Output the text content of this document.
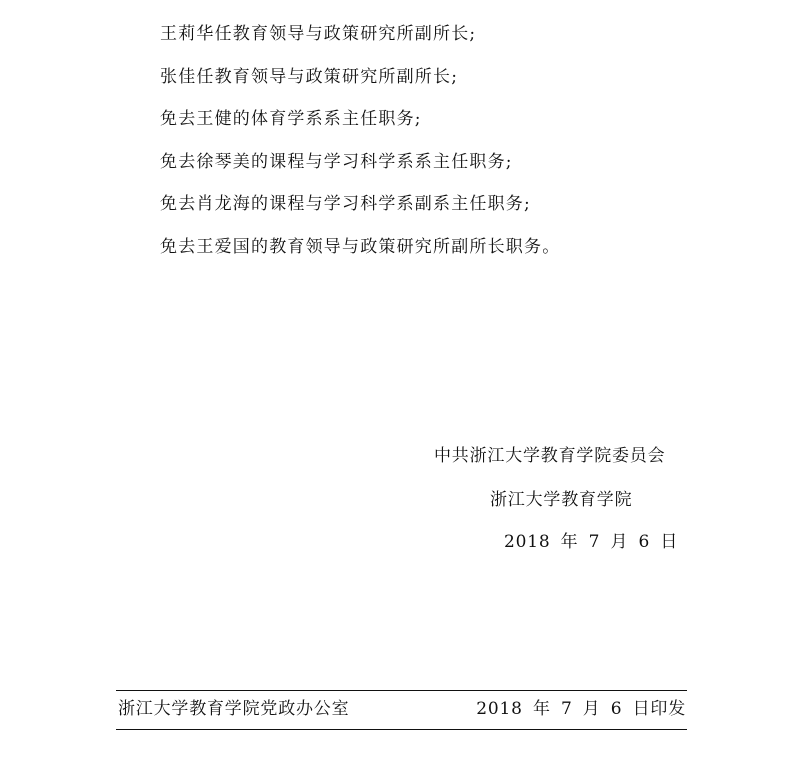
王莉华任教育领导与政策研究所副所长;
张佳任教育领导与政策研究所副所长;
免去王健的体育学系系主任职务;
免去徐琴美的课程与学习科学系系主任职务;
免去肖龙海的课程与学习科学系副系主任职务;
免去王爱国的教育领导与政策研究所副所长职务。
中共浙江大学教育学院委员会
浙江大学教育学院
2018 年 7 月 6 日
浙江大学教育学院党政办公室	2018 年 7 月 6 日印发
